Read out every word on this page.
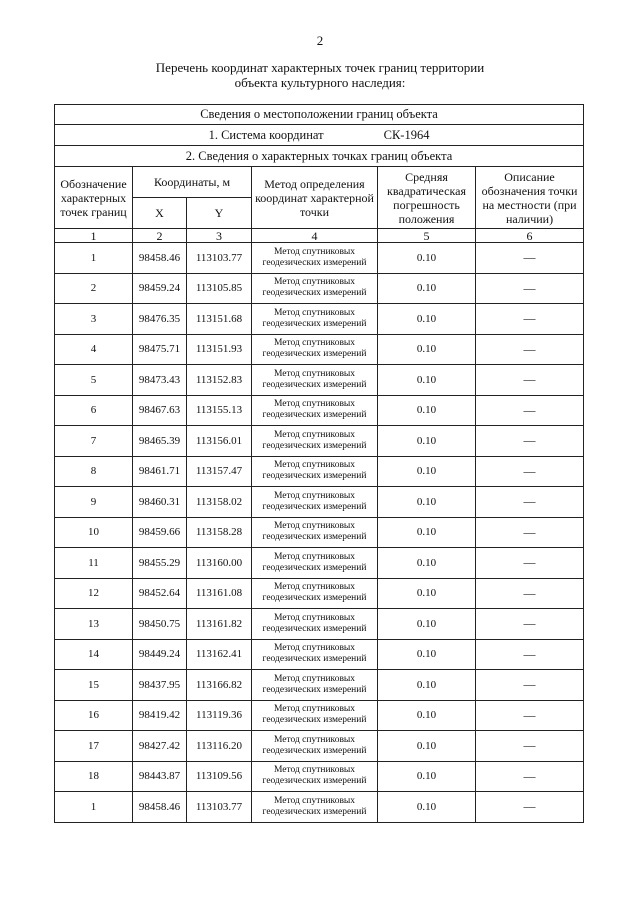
2
Перечень координат характерных точек границ территории
объекта культурного наследия:
Сведения о местоположении границ объекта					
1. Система координат СК-1964					
2. Сведения о характерных точках границ объекта					
Обозначение характерных точек границ	Координаты, м		Метод определения координат характерной точки	Средняя квадратическая погрешность положения	Описание обозначения точки на местности (при наличии)
	X	Y			
1	2	3	4	5	6
1	98458.46	113103.77	Метод спутниковых геодезических измерений	0.10	—
2	98459.24	113105.85	Метод спутниковых геодезических измерений	0.10	—
3	98476.35	113151.68	Метод спутниковых геодезических измерений	0.10	—
4	98475.71	113151.93	Метод спутниковых геодезических измерений	0.10	—
5	98473.43	113152.83	Метод спутниковых геодезических измерений	0.10	—
6	98467.63	113155.13	Метод спутниковых геодезических измерений	0.10	—
7	98465.39	113156.01	Метод спутниковых геодезических измерений	0.10	—
8	98461.71	113157.47	Метод спутниковых геодезических измерений	0.10	—
9	98460.31	113158.02	Метод спутниковых геодезических измерений	0.10	—
10	98459.66	113158.28	Метод спутниковых геодезических измерений	0.10	—
11	98455.29	113160.00	Метод спутниковых геодезических измерений	0.10	—
12	98452.64	113161.08	Метод спутниковых геодезических измерений	0.10	—
13	98450.75	113161.82	Метод спутниковых геодезических измерений	0.10	—
14	98449.24	113162.41	Метод спутниковых геодезических измерений	0.10	—
15	98437.95	113166.82	Метод спутниковых геодезических измерений	0.10	—
16	98419.42	113119.36	Метод спутниковых геодезических измерений	0.10	—
17	98427.42	113116.20	Метод спутниковых геодезических измерений	0.10	—
18	98443.87	113109.56	Метод спутниковых геодезических измерений	0.10	—
1	98458.46	113103.77	Метод спутниковых геодезических измерений	0.10	—
